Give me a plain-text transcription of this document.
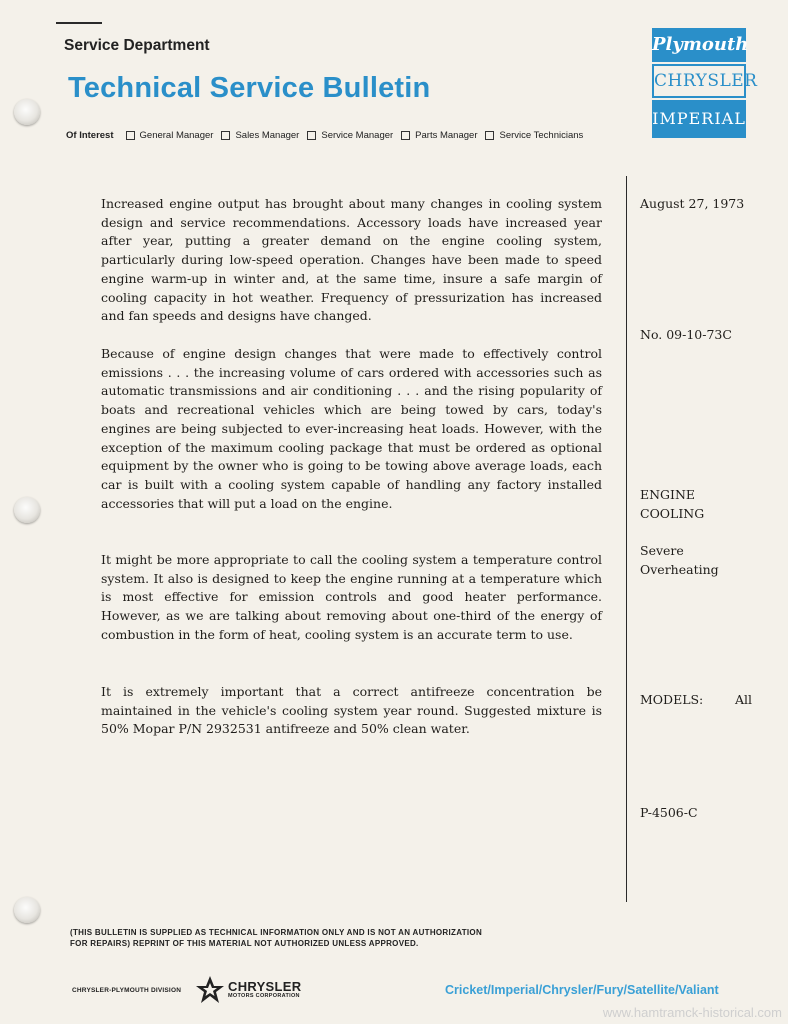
Service Department
Technical Service Bulletin
Of Interest	General Manager Sales Manager Service Manager Parts Manager Service Technicians
Plymouth
CHRYSLER
IMPERIAL

Increased engine output has brought about many changes in cooling system design and service recommendations. Accessory loads have increased year after year, putting a greater demand on the engine cooling system, particularly during low-speed operation. Changes have been made to speed engine warm-up in winter and, at the same time, insure a safe margin of cooling capacity in hot weather. Frequency of pressurization has increased and fan speeds and designs have changed.

Because of engine design changes that were made to effectively control emissions . . . the increasing volume of cars ordered with accessories such as automatic transmissions and air conditioning . . . and the rising popularity of boats and recreational vehicles which are being towed by cars, today's engines are being subjected to ever-increasing heat loads. However, with the exception of the maximum cooling package that must be ordered as optional equipment by the owner who is going to be towing above average loads, each car is built with a cooling system capable of handling any factory installed accessories that will put a load on the engine.

It might be more appropriate to call the cooling system a temperature control system. It also is designed to keep the engine running at a temperature which is most effective for emission controls and good heater performance. However, as we are talking about removing about one-third of the energy of combustion in the form of heat, cooling system is an accurate term to use.

It is extremely important that a correct antifreeze concentration be maintained in the vehicle's cooling system year round. Suggested mixture is 50% Mopar P/N 2932531 antifreeze and 50% clean water.

August 27, 1973
No. 09-10-73C
ENGINE
COOLING
Severe
Overheating
MODELS:	All
P-4506-C
(THIS BULLETIN IS SUPPLIED AS TECHNICAL INFORMATION ONLY AND IS NOT AN AUTHORIZATION
FOR REPAIRS) REPRINT OF THIS MATERIAL NOT AUTHORIZED UNLESS APPROVED.
CHRYSLER-PLYMOUTH DIVISION	CHRYSLER
MOTORS CORPORATION	Cricket/Imperial/Chrysler/Fury/Satellite/Valiant
www.hamtramck-historical.com
